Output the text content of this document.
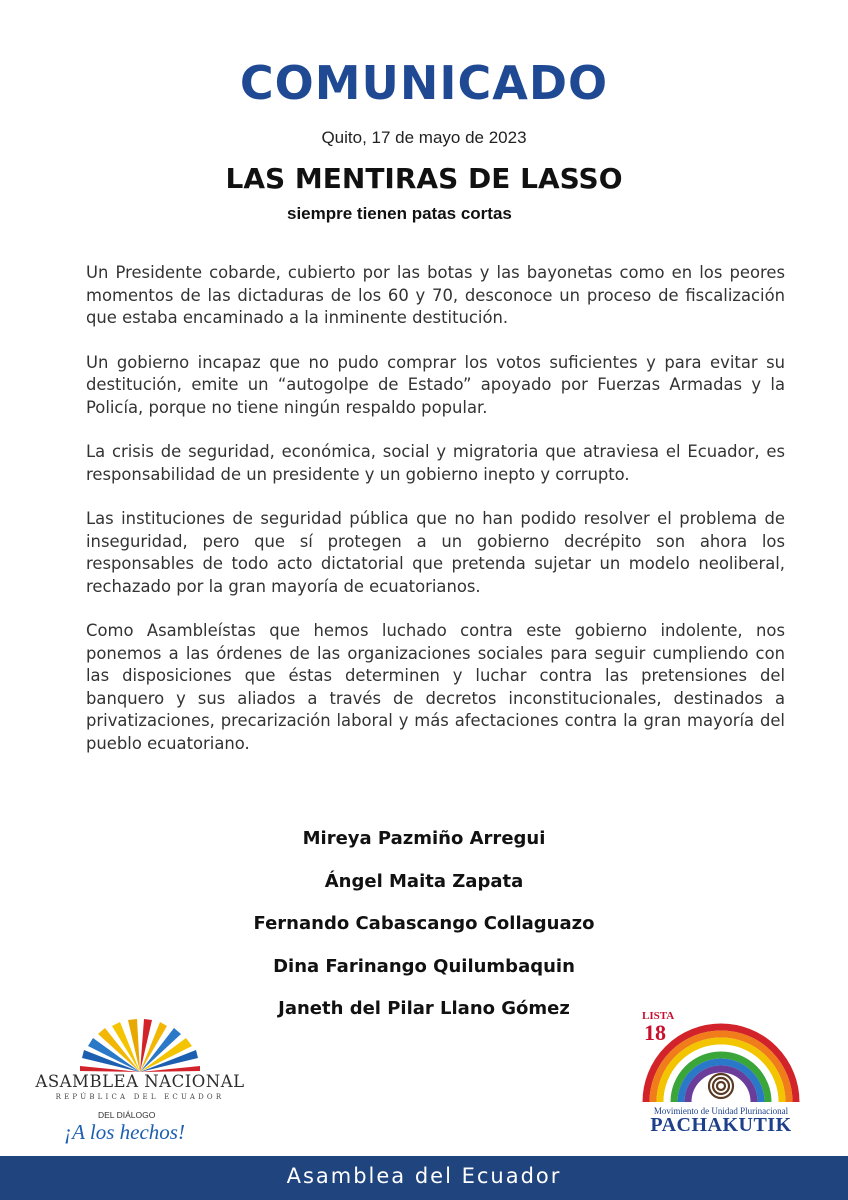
COMUNICADO
Quito, 17 de mayo de 2023
LAS MENTIRAS DE LASSO
siempre tienen patas cortas

Un Presidente cobarde, cubierto por las botas y las bayonetas como en los peores momentos de las dictaduras de los 60 y 70, desconoce un proceso de fiscalización que estaba encaminado a la inminente destitución.

Un gobierno incapaz que no pudo comprar los votos suficientes y para evitar su destitución, emite un “autogolpe de Estado” apoyado por Fuerzas Armadas y la Policía, porque no tiene ningún respaldo popular.

La crisis de seguridad, económica, social y migratoria que atraviesa el Ecuador, es responsabilidad de un presidente y un gobierno inepto y corrupto.

Las instituciones de seguridad pública que no han podido resolver el problema de inseguridad, pero que sí protegen a un gobierno decrépito son ahora los responsables de todo acto dictatorial que pretenda sujetar un modelo neoliberal, rechazado por la gran mayoría de ecuatorianos.

Como Asambleístas que hemos luchado contra este gobierno indolente, nos ponemos a las órdenes de las organizaciones sociales para seguir cumpliendo con las disposiciones que éstas determinen y luchar contra las pretensiones del banquero y sus aliados a través de decretos inconstitucionales, destinados a privatizaciones, precarización laboral y más afectaciones contra la gran mayoría del pueblo ecuatoriano.

Mireya Pazmiño Arregui
Ángel Maita Zapata
Fernando Cabascango Collaguazo
Dina Farinango Quilumbaquin
Janeth del Pilar Llano Gómez
ASAMBLEA NACIONAL
REPÚBLICA DEL ECUADOR
DEL DIÁLOGO
¡A los hechos!
LISTA
18
Movimiento de Unidad Plurinacional
PACHAKUTIK
Asamblea del Ecuador
